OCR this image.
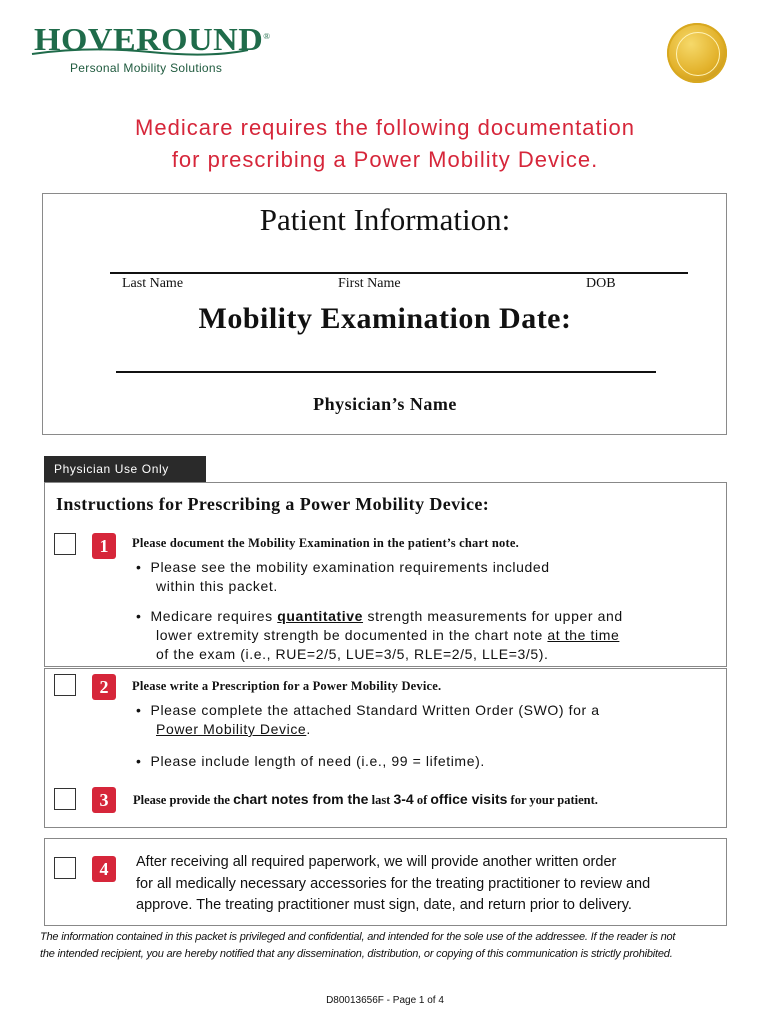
HOVEROUND®
Personal Mobility Solutions
Medicare requires the following documentation
for prescribing a Power Mobility Device.
Patient Information:
Last Name	First Name	DOB
Mobility Examination Date:
Physician’s Name
Physician Use Only
Instructions for Prescribing a Power Mobility Device:
1	Please document the Mobility Examination in the patient’s chart note.
• Please see the mobility examination requirements included
within this packet.
• Medicare requires quantitative strength measurements for upper and
lower extremity strength be documented in the chart note at the time
of the exam (i.e., RUE=2/5, LUE=3/5, RLE=2/5, LLE=3/5).
2	Please write a Prescription for a Power Mobility Device.
• Please complete the attached Standard Written Order (SWO) for a
Power Mobility Device.
• Please include length of need (i.e., 99 = lifetime).
3	Please provide the chart notes from the last 3-4 of office visits for your patient.
4	After receiving all required paperwork, we will provide another written order
for all medically necessary accessories for the treating practitioner to review and
approve. The treating practitioner must sign, date, and return prior to delivery.
The information contained in this packet is privileged and confidential, and intended for the sole use of the addressee. If the reader is not
the intended recipient, you are hereby notified that any dissemination, distribution, or copying of this communication is strictly prohibited.
D80013656F - Page 1 of 4
